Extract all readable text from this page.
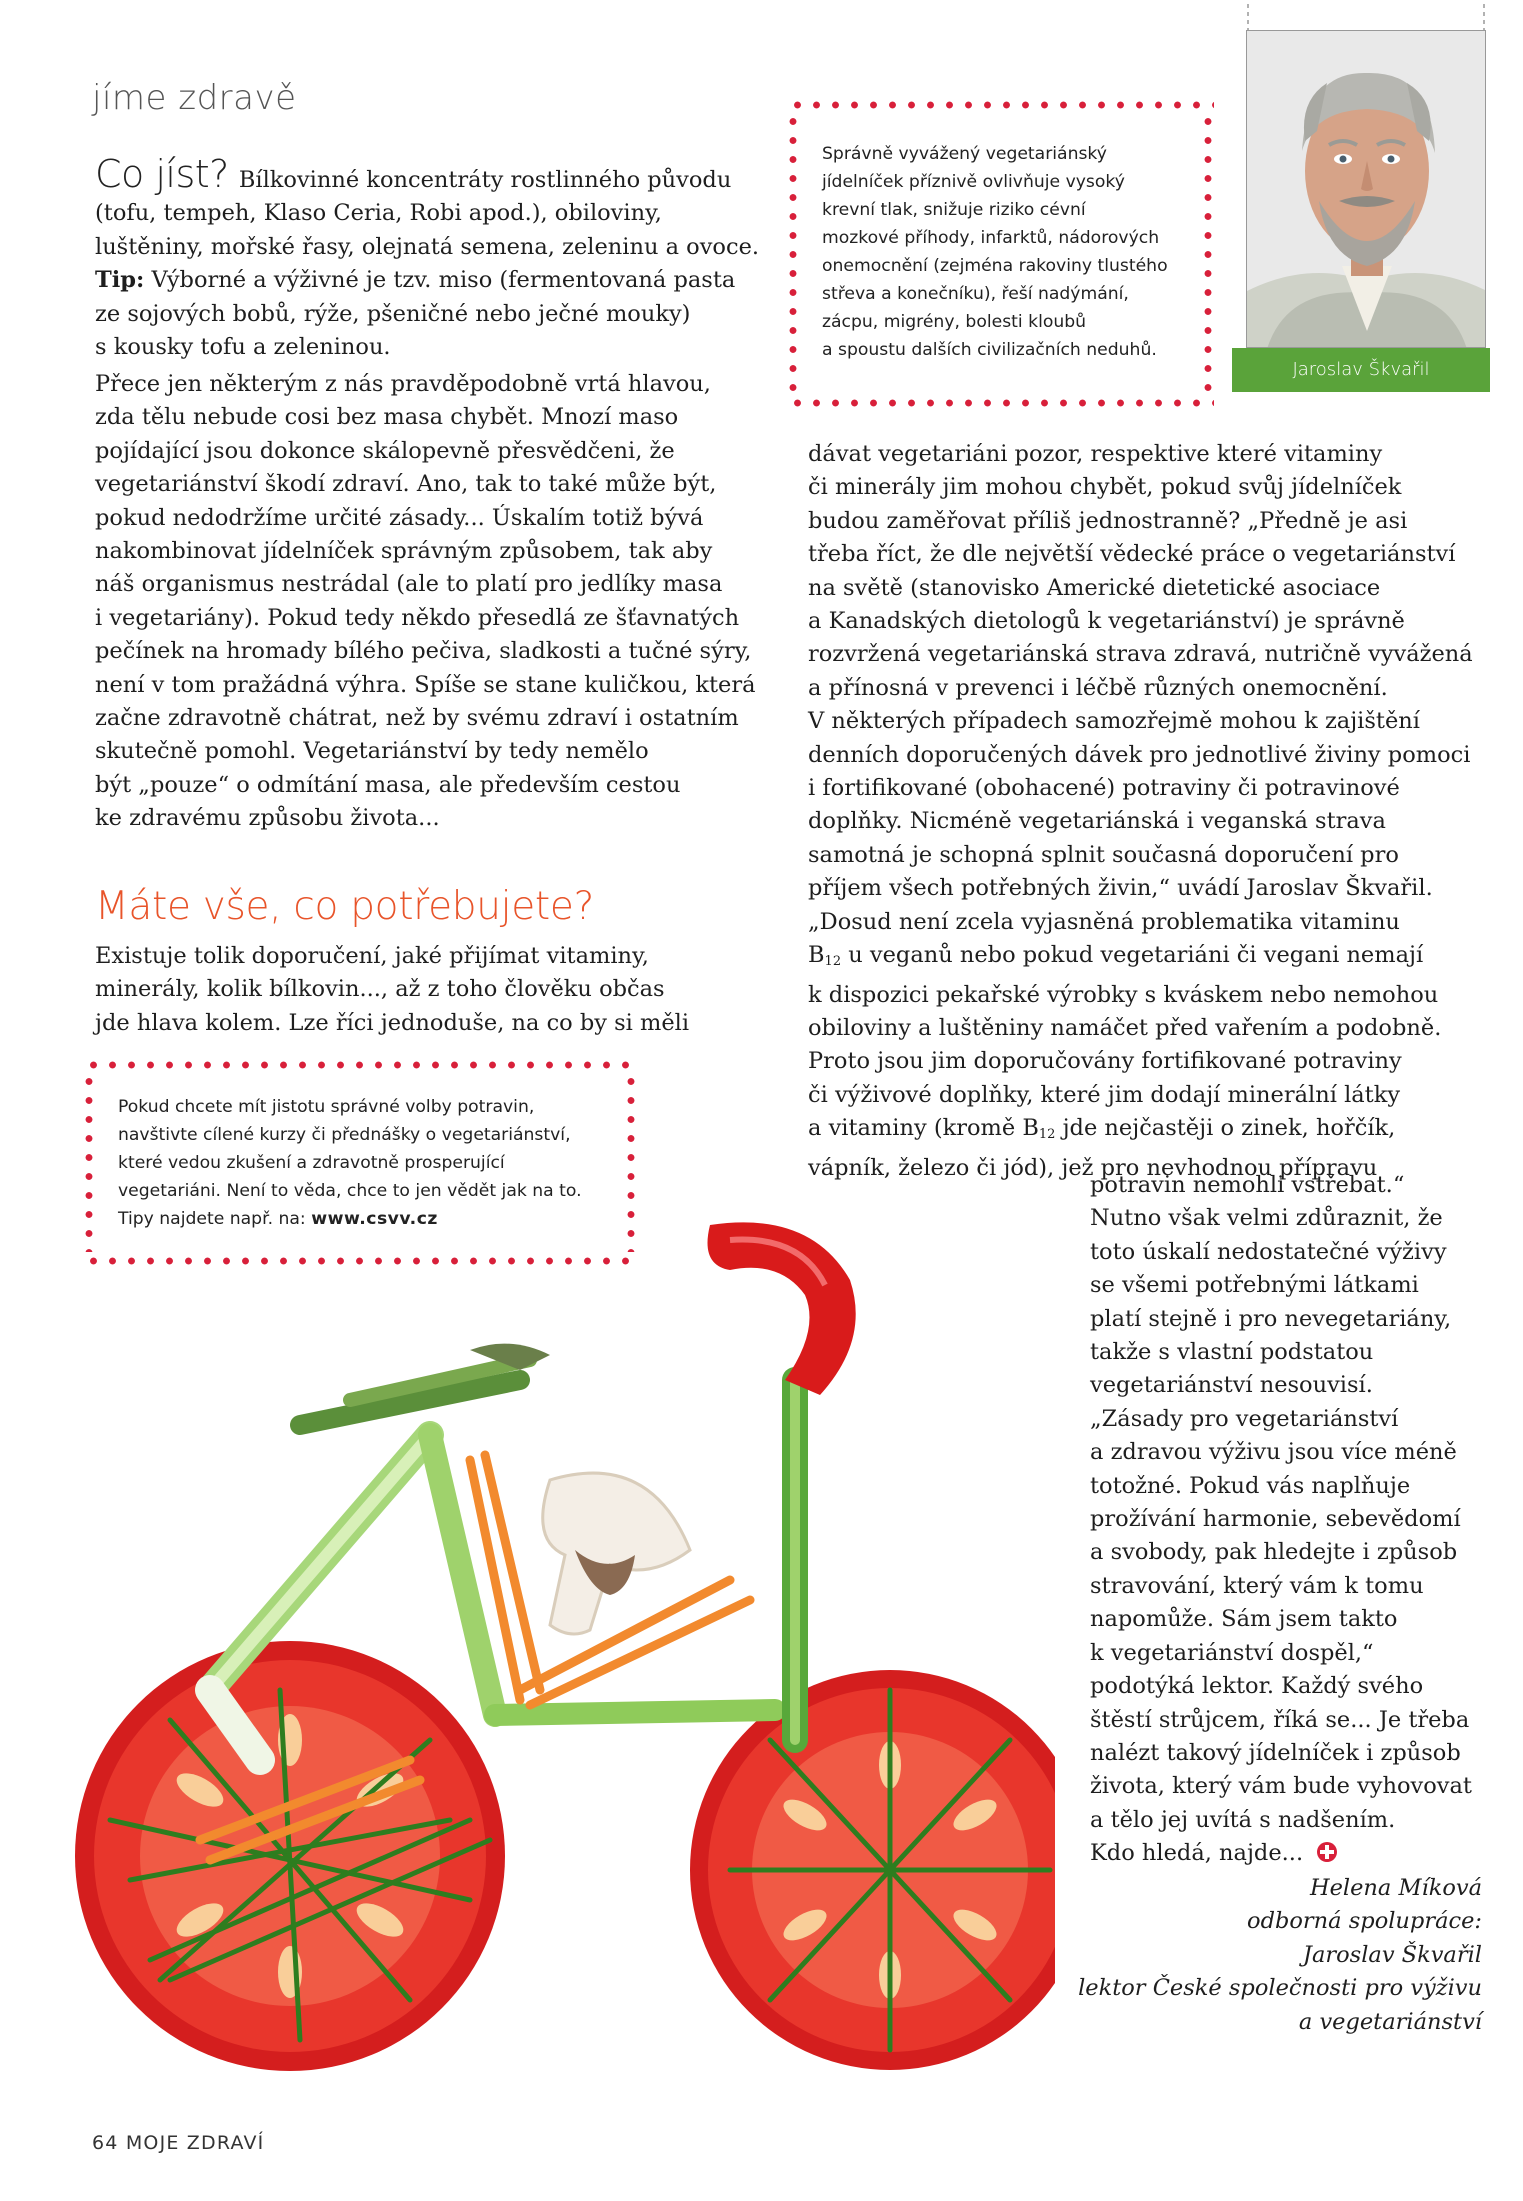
jíme zdravě

Co jíst? Bílkovinné koncentráty rostlinného původu

(tofu, tempeh, Klaso Ceria, Robi apod.), obiloviny,

luštěniny, mořské řasy, olejnatá semena, zeleninu a ovoce.

Tip: Výborné a výživné je tzv. miso (fermentovaná pasta

ze sojových bobů, rýže, pšeničné nebo ječné mouky)

s kousky tofu a zeleninou.

Přece jen některým z nás pravděpodobně vrtá hlavou,

zda tělu nebude cosi bez masa chybět. Mnozí maso

pojídající jsou dokonce skálopevně přesvědčeni, že

vegetariánství škodí zdraví. Ano, tak to také může být,

pokud nedodržíme určité zásady... Úskalím totiž bývá

nakombinovat jídelníček správným způsobem, tak aby

náš organismus nestrádal (ale to platí pro jedlíky masa

i vegetariány). Pokud tedy někdo přesedlá ze šťavnatých

pečínek na hromady bílého pečiva, sladkosti a tučné sýry,

není v tom pražádná výhra. Spíše se stane kuličkou, která

začne zdravotně chátrat, než by svému zdraví i ostatním

skutečně pomohl. Vegetariánství by tedy nemělo

být „pouze“ o odmítání masa, ale především cestou

ke zdravému způsobu života...

Máte vše, co potřebujete?

Existuje tolik doporučení, jaké přijímat vitaminy,

minerály, kolik bílkovin..., až z toho člověku občas

jde hlava kolem. Lze říci jednoduše, na co by si měli

Správně vyvážený vegetariánský

jídelníček příznivě ovlivňuje vysoký

krevní tlak, snižuje riziko cévní

mozkové příhody, infarktů, nádorových

onemocnění (zejména rakoviny tlustého

střeva a konečníku), řeší nadýmání,

zácpu, migrény, bolesti kloubů

a spoustu dalších civilizačních neduhů.

Jaroslav Škvařil

dávat vegetariáni pozor, respektive které vitaminy

či minerály jim mohou chybět, pokud svůj jídelníček

budou zaměřovat příliš jednostranně? „Předně je asi

třeba říct, že dle největší vědecké práce o vegetariánství

na světě (stanovisko Americké dietetické asociace

a Kanadských dietologů k vegetariánství) je správně

rozvržená vegetariánská strava zdravá, nutričně vyvážená

a přínosná v prevenci i léčbě různých onemocnění.

V některých případech samozřejmě mohou k zajištění

denních doporučených dávek pro jednotlivé živiny pomoci

i fortifikované (obohacené) potraviny či potravinové

doplňky. Nicméně vegetariánská i veganská strava

samotná je schopná splnit současná doporučení pro

příjem všech potřebných živin,“ uvádí Jaroslav Škvařil.

„Dosud není zcela vyjasněná problematika vitaminu

$B_{12}$ u veganů nebo pokud vegetariáni či vegani nemají

k dispozici pekařské výrobky s kváskem nebo nemohou

obiloviny a luštěniny namáčet před vařením a podobně.

Proto jsou jim doporučovány fortifikované potraviny

či výživové doplňky, které jim dodají minerální látky

a vitaminy (kromě $B_{12}$ jde nejčastěji o zinek, hořčík,

vápník, železo či jód), jež pro nevhodnou přípravu

potravin nemohli vstřebat.“

Nutno však velmi zdůraznit, že

toto úskalí nedostatečné výživy

se všemi potřebnými látkami

platí stejně i pro nevegetariány,

takže s vlastní podstatou

vegetariánství nesouvisí.

„Zásady pro vegetariánství

a zdravou výživu jsou více méně

totožné. Pokud vás naplňuje

prožívání harmonie, sebevědomí

a svobody, pak hledejte i způsob

stravování, který vám k tomu

napomůže. Sám jsem takto

k vegetariánství dospěl,“

podotýká lektor. Každý svého

štěstí strůjcem, říká se... Je třeba

nalézt takový jídelníček i způsob

života, který vám bude vyhovovat

a tělo jej uvítá s nadšením.

Kdo hledá, najde...

Helena Míková

odborná spolupráce:

Jaroslav Škvařil

lektor České společnosti pro výživu

a vegetariánství

Pokud chcete mít jistotu správné volby potravin,

navštivte cílené kurzy či přednášky o vegetariánství,

které vedou zkušení a zdravotně prosperující

vegetariáni. Není to věda, chce to jen vědět jak na to.

Tipy najdete např. na: www.csvv.cz

64 MOJE ZDRAVÍ
